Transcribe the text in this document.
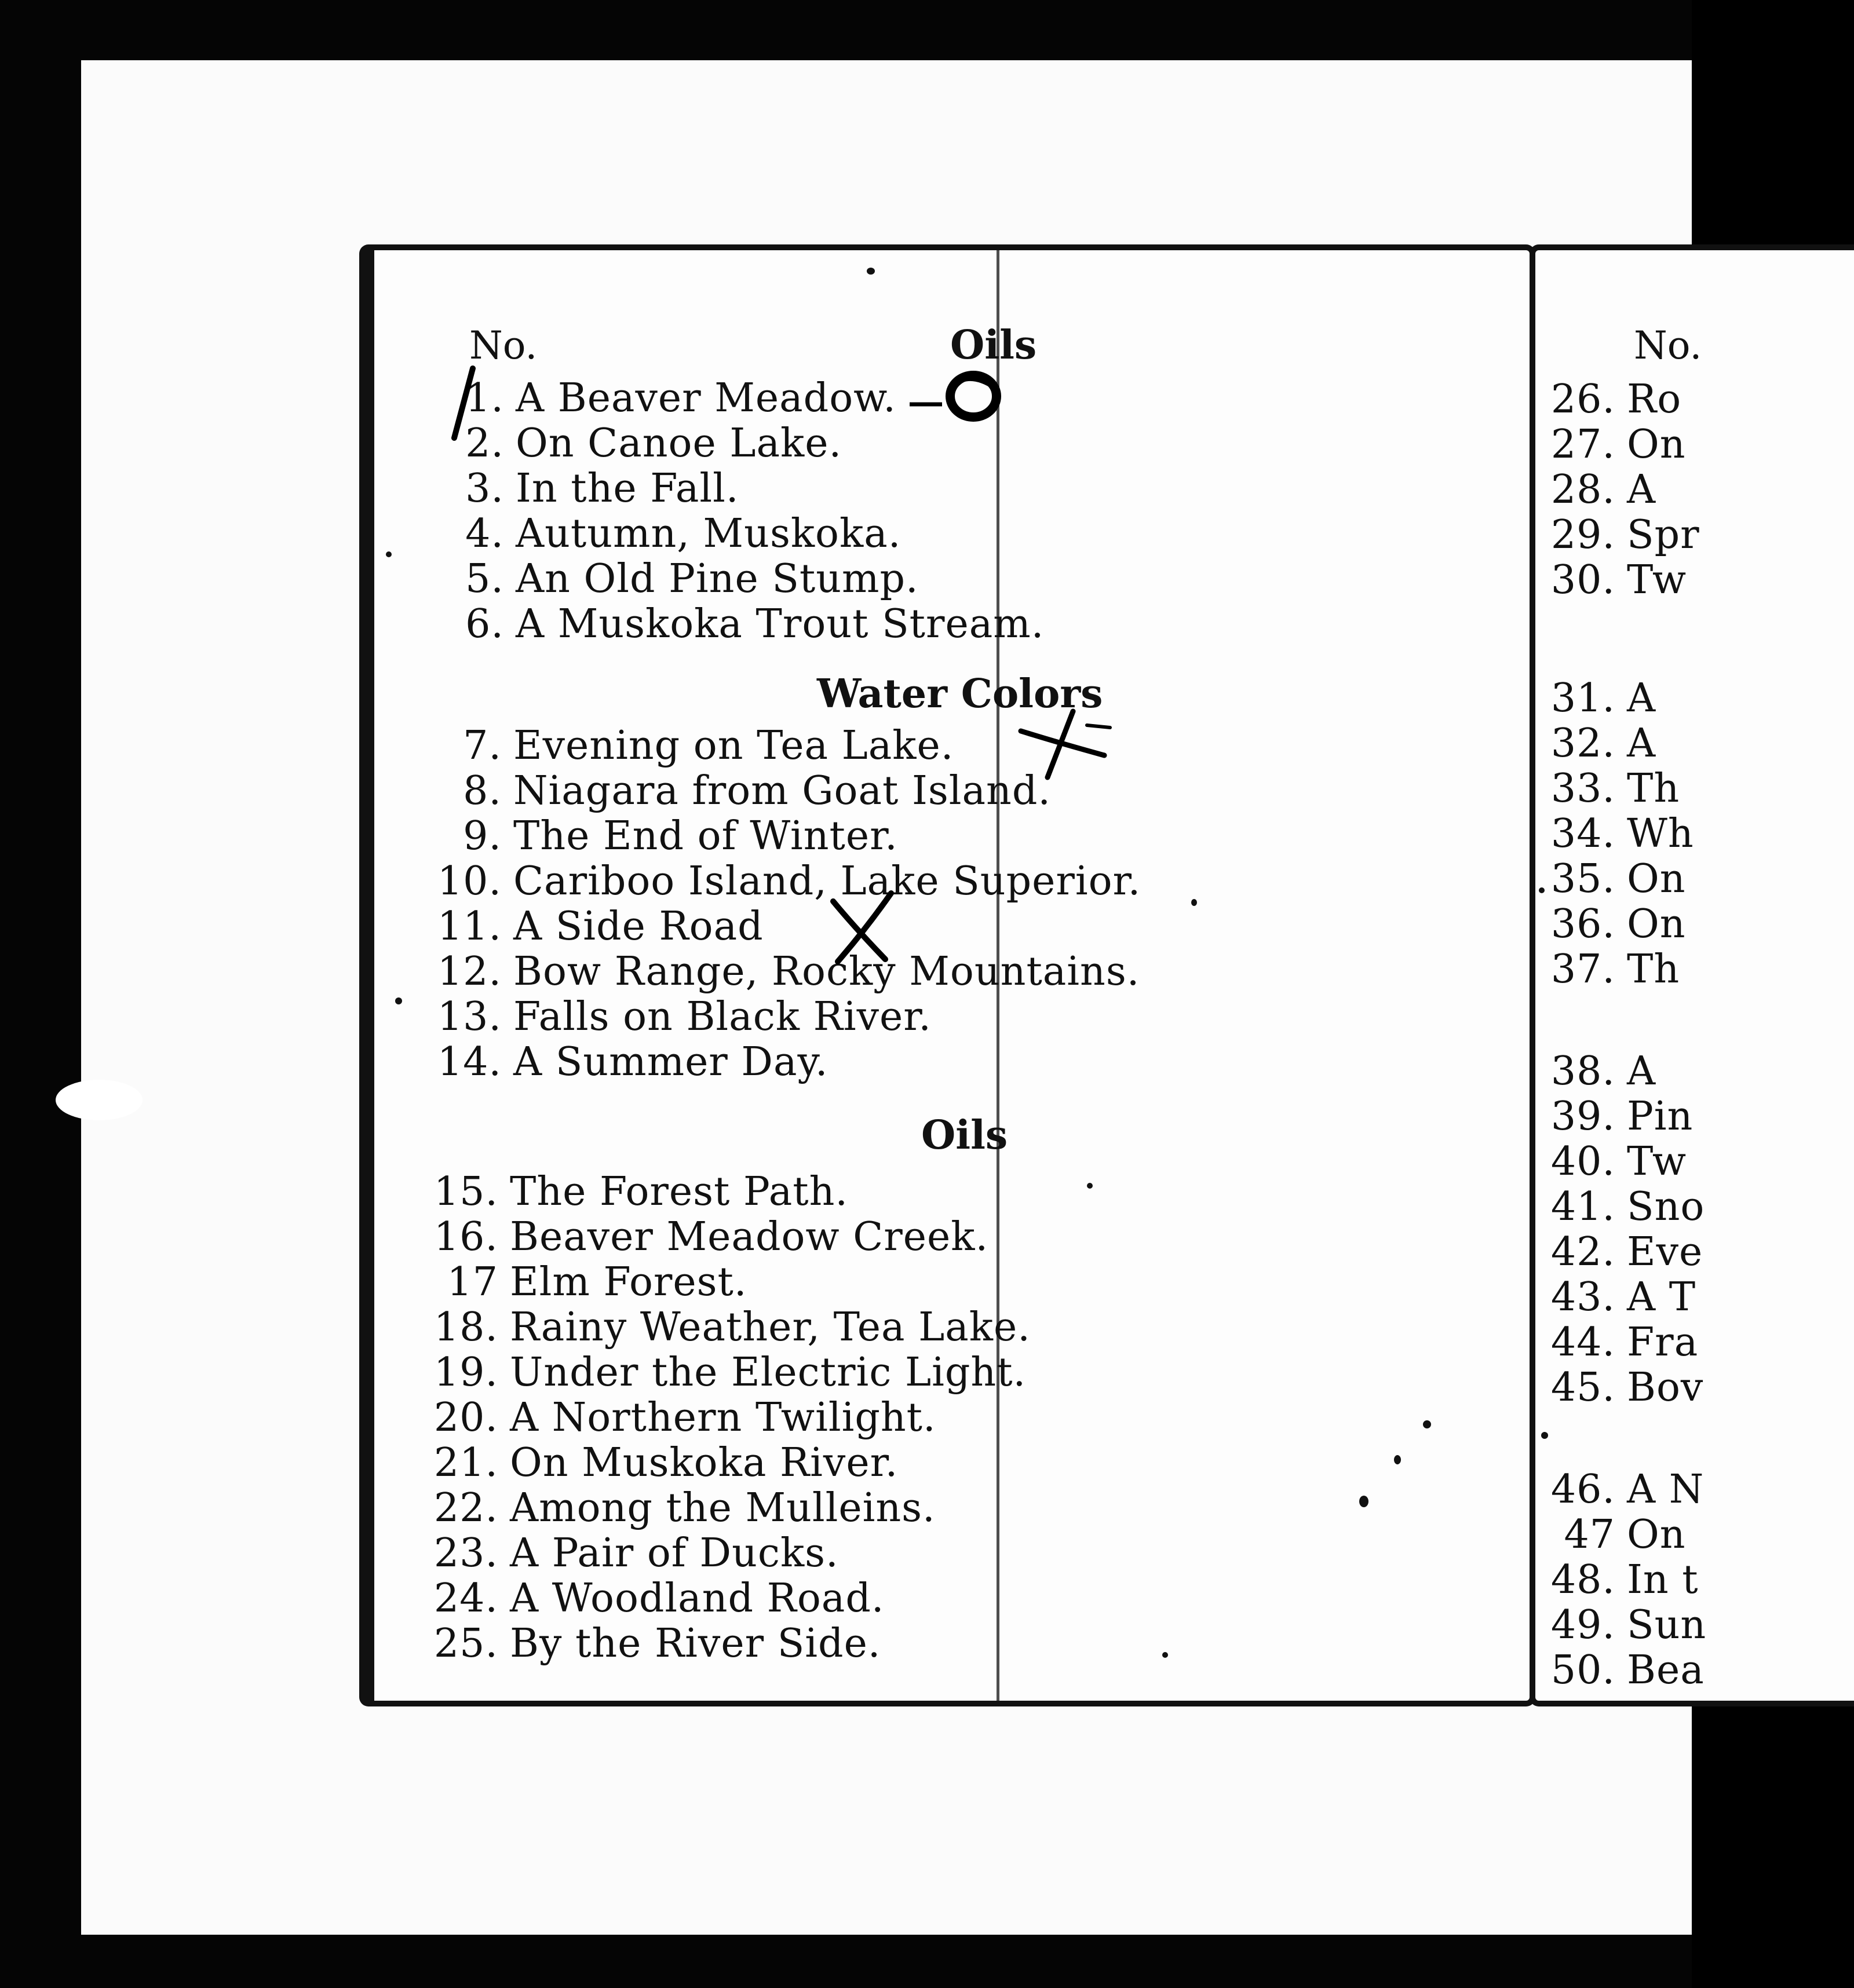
No.	Oils
1. A Beaver Meadow.
2. On Canoe Lake.
3. In the Fall.
4. Autumn, Muskoka.
5. An Old Pine Stump.
6. A Muskoka Trout Stream.
Water Colors
7. Evening on Tea Lake.
8. Niagara from Goat Island.
9. The End of Winter.
10. Cariboo Island, Lake Superior.
11. A Side Road
12. Bow Range, Rocky Mountains.
13. Falls on Black River.
14. A Summer Day.
Oils
15. The Forest Path.
16. Beaver Meadow Creek.
17 Elm Forest.
18. Rainy Weather, Tea Lake.
19. Under the Electric Light.
20. A Northern Twilight.
21. On Muskoka River.
22. Among the Mulleins.
23. A Pair of Ducks.
24. A Woodland Road.
25. By the River Side.
No.
26. Ro
27. On
28. A
29. Spr
30. Tw
31. A
32. A
33. Th
34. Wh
35. On
36. On
37. Th
38. A
39. Pin
40. Tw
41. Sno
42. Eve
43. A T
44. Fra
45. Bov
46. A N
47 On
48. In t
49. Sun
50. Bea
